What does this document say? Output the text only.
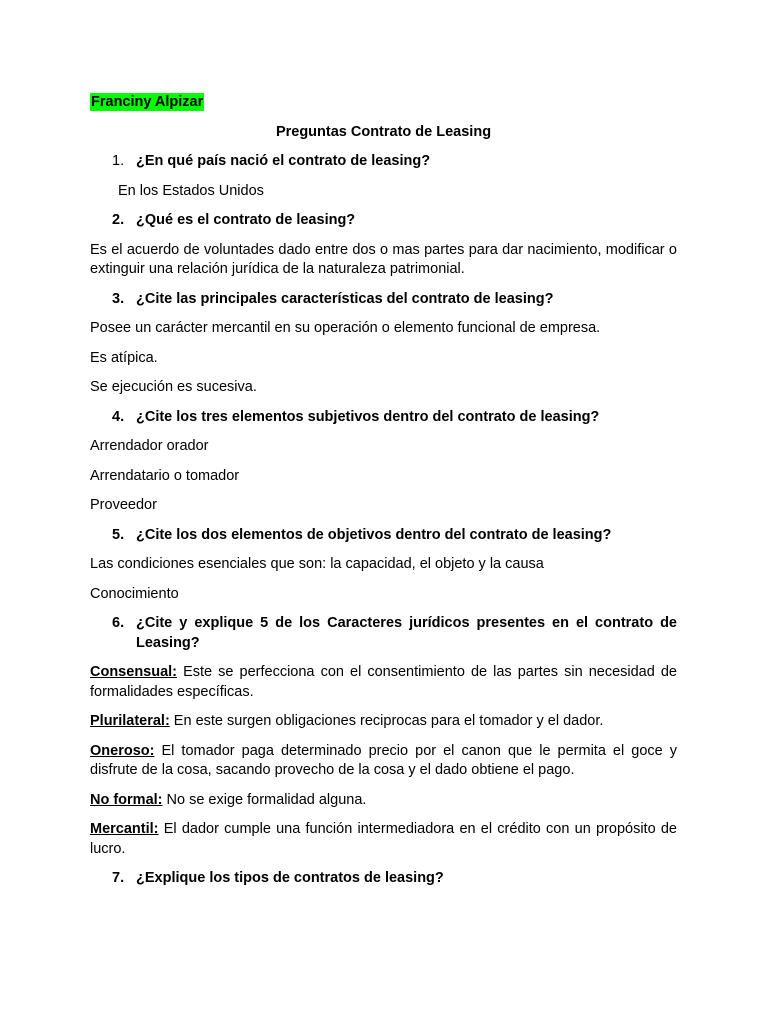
Franciny Alpizar
Preguntas Contrato de Leasing
1. ¿En qué país nació el contrato de leasing?
En los Estados Unidos
2. ¿Qué es el contrato de leasing?
Es el acuerdo de voluntades dado entre dos o mas partes para dar nacimiento, modificar o extinguir una relación jurídica de la naturaleza patrimonial.
3. ¿Cite las principales características del contrato de leasing?
Posee un carácter mercantil en su operación o elemento funcional de empresa.
Es atípica.
Se ejecución es sucesiva.
4. ¿Cite los tres elementos subjetivos dentro del contrato de leasing?
Arrendador orador
Arrendatario o tomador
Proveedor
5. ¿Cite los dos elementos de objetivos dentro del contrato de leasing?
Las condiciones esenciales que son: la capacidad, el objeto y la causa
Conocimiento
6. ¿Cite y explique 5 de los Caracteres jurídicos presentes en el contrato de Leasing?
Consensual: Este se perfecciona con el consentimiento de las partes sin necesidad de formalidades específicas.
Plurilateral: En este surgen obligaciones reciprocas para el tomador y el dador.
Oneroso: El tomador paga determinado precio por el canon que le permita el goce y disfrute de la cosa, sacando provecho de la cosa y el dado obtiene el pago.
No formal: No se exige formalidad alguna.
Mercantil: El dador cumple una función intermediadora en el crédito con un propósito de lucro.
7. ¿Explique los tipos de contratos de leasing?
